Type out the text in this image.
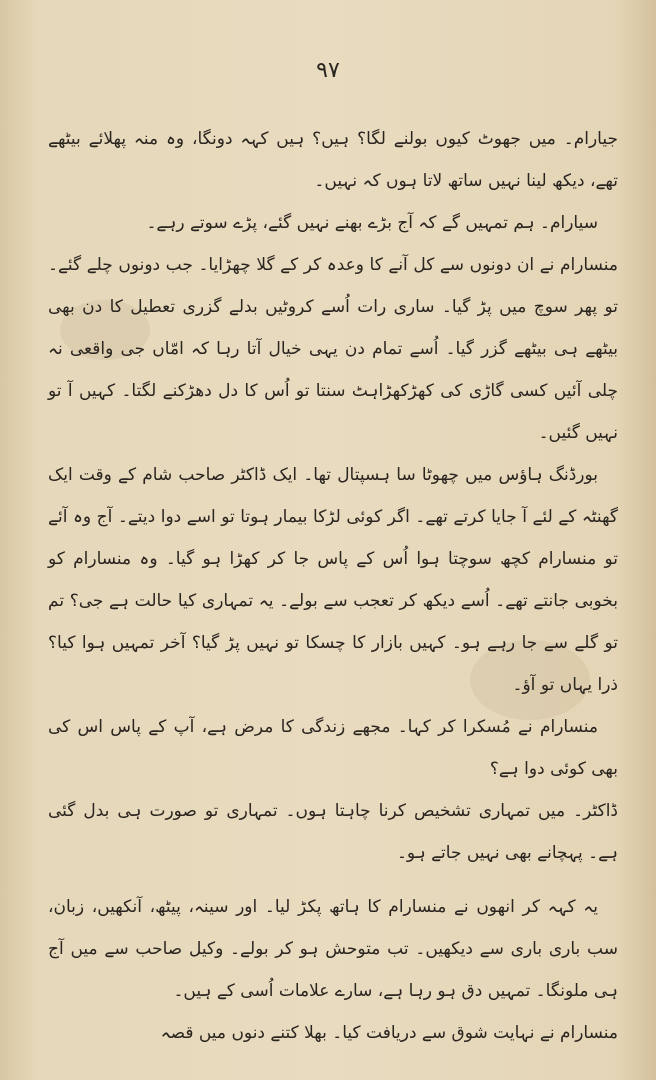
۹۷

جیارام۔ میں جھوٹ کیوں بولنے لگا؟ ہیں؟ ہیں کہہ دونگا، وہ منہ پھلائے بیٹھے تھے، دیکھ لینا نہیں ساتھ لاتا ہوں کہ نہیں۔

سیارام۔ ہم تمہیں گے کہ آج بڑے بھنے نہیں گئے، پڑے سوتے رہے۔

منسارام نے ان دونوں سے کل آنے کا وعدہ کر کے گلا چھڑایا۔ جب دونوں چلے گئے۔ تو پھر سوچ میں پڑ گیا۔ ساری رات اُسے کروٹیں بدلے گزری تعطیل کا دن بھی بیٹھے ہی بیٹھے گزر گیا۔ اُسے تمام دن یہی خیال آتا رہا کہ امّاں جی واقعی نہ چلی آئیں کسی گاڑی کی کھڑکھڑاہٹ سنتا تو اُس کا دل دھڑکنے لگتا۔ کہیں آ تو نہیں گئیں۔

بورڈنگ ہاؤس میں چھوٹا سا ہسپتال تھا۔ ایک ڈاکٹر صاحب شام کے وقت ایک گھنٹہ کے لئے آ جایا کرتے تھے۔ اگر کوئی لڑکا بیمار ہوتا تو اسے دوا دیتے۔ آج وہ آئے تو منسارام کچھ سوچتا ہوا اُس کے پاس جا کر کھڑا ہو گیا۔ وہ منسارام کو بخوبی جانتے تھے۔ اُسے دیکھ کر تعجب سے بولے۔ یہ تمہاری کیا حالت ہے جی؟ تم تو گلے سے جا رہے ہو۔ کہیں بازار کا چسکا تو نہیں پڑ گیا؟ آخر تمہیں ہوا کیا؟ ذرا یہاں تو آؤ۔

منسارام نے مُسکرا کر کہا۔ مجھے زندگی کا مرض ہے، آپ کے پاس اس کی بھی کوئی دوا ہے؟

ڈاکٹر۔ میں تمہاری تشخیص کرنا چاہتا ہوں۔ تمہاری تو صورت ہی بدل گئی ہے۔ پہچانے بھی نہیں جاتے ہو۔

یہ کہہ کر انھوں نے منسارام کا ہاتھ پکڑ لیا۔ اور سینہ، پیٹھ، آنکھیں، زبان، سب باری باری سے دیکھیں۔ تب متوحش ہو کر بولے۔ وکیل صاحب سے میں آج ہی ملونگا۔ تمہیں دق ہو رہا ہے، سارے علامات اُسی کے ہیں۔

منسارام نے نہایت شوق سے دریافت کیا۔ بھلا کتنے دنوں میں قصہ
